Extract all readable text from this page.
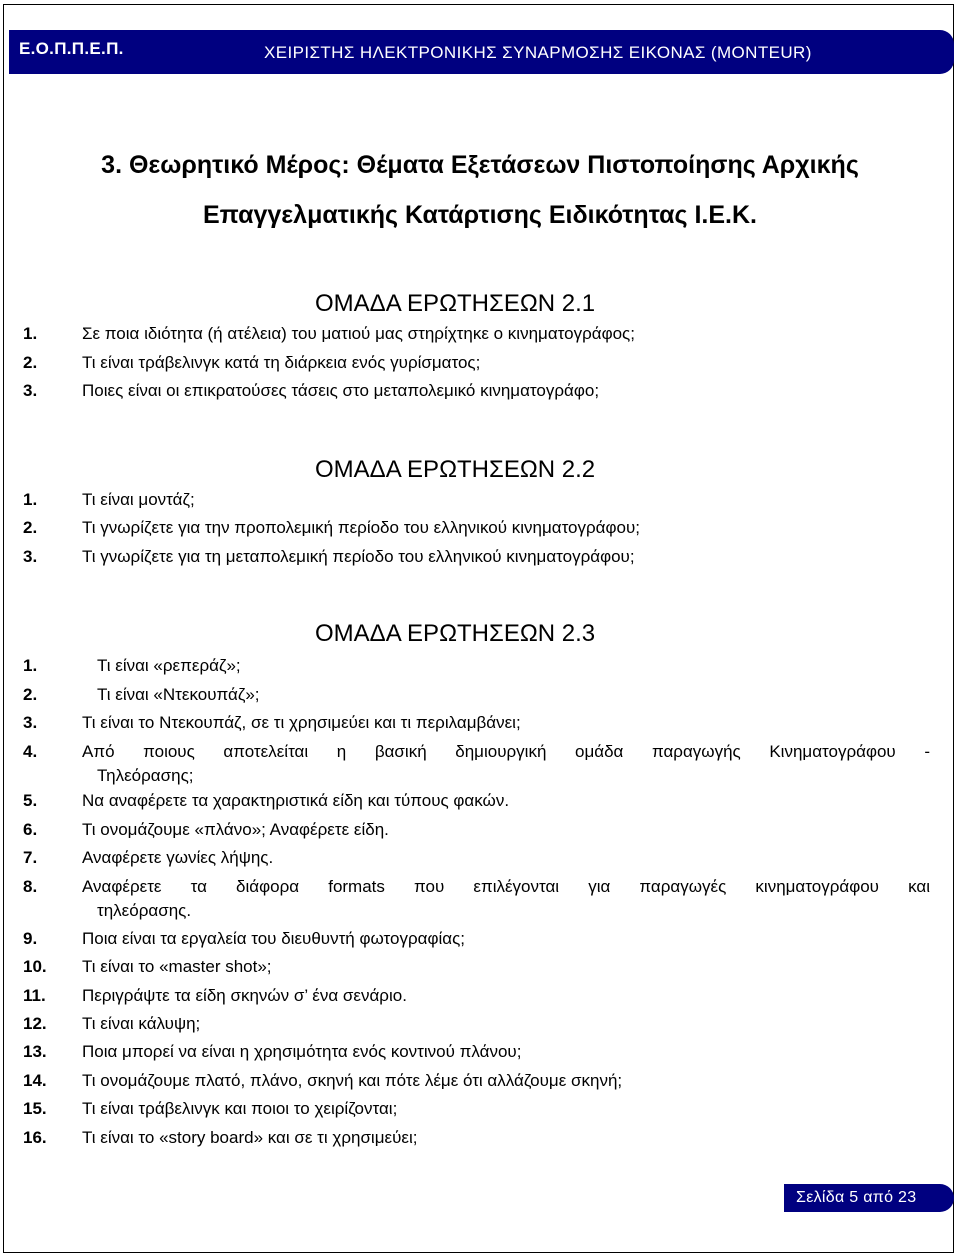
Ε.Ο.Π.Π.Ε.Π.	ΧΕΙΡΙΣΤΗΣ ΗΛΕΚΤΡΟΝΙΚΗΣ ΣΥΝΑΡΜΟΣΗΣ ΕΙΚΟΝΑΣ (MONTEUR)
3. Θεωρητικό Μέρος: Θέματα Εξετάσεων Πιστοποίησης Αρχικής
Επαγγελματικής Κατάρτισης Ειδικότητας Ι.Ε.Κ.
ΟΜΑΔΑ ΕΡΩΤΗΣΕΩΝ 2.1
1.	Σε ποια ιδιότητα (ή ατέλεια) του ματιού μας στηρίχτηκε ο κινηματογράφος;
2.	Τι είναι τράβελινγκ κατά τη διάρκεια ενός γυρίσματος;
3.	Ποιες είναι οι επικρατούσες τάσεις στο μεταπολεμικό κινηματογράφο;
ΟΜΑΔΑ ΕΡΩΤΗΣΕΩΝ 2.2
1.	Τι είναι μοντάζ;
2.	Τι γνωρίζετε για την προπολεμική περίοδο του ελληνικού κινηματογράφου;
3.	Τι γνωρίζετε για τη μεταπολεμική περίοδο του ελληνικού κινηματογράφου;
ΟΜΑΔΑ ΕΡΩΤΗΣΕΩΝ 2.3
1.	Τι είναι «ρεπεράζ»;
2.	Τι είναι «Ντεκουπάζ»;
3.	Τι είναι το Ντεκουπάζ, σε τι χρησιμεύει και τι περιλαμβάνει;
4.	Από ποιους αποτελείται η βασική δημιουργική ομάδα παραγωγής Κινηματογράφου -
Τηλεόρασης;
5.	Να αναφέρετε τα χαρακτηριστικά είδη και τύπους φακών.
6.	Τι ονομάζουμε «πλάνο»; Αναφέρετε είδη.
7.	Αναφέρετε γωνίες λήψης.
8.	Αναφέρετε τα διάφορα formats που επιλέγονται για παραγωγές κινηματογράφου και
τηλεόρασης.
9.	Ποια είναι τα εργαλεία του διευθυντή φωτογραφίας;
10. Τι είναι το «master shot»;
11. Περιγράψτε τα είδη σκηνών σ’ ένα σενάριο.
12. Τι είναι κάλυψη;
13. Ποια μπορεί να είναι η χρησιμότητα ενός κοντινού πλάνου;
14. Τι ονομάζουμε πλατό, πλάνο, σκηνή και πότε λέμε ότι αλλάζουμε σκηνή;
15. Τι είναι τράβελινγκ και ποιοι το χειρίζονται;
16. Τι είναι το «story board» και σε τι χρησιμεύει;
Σελίδα 5 από 23
